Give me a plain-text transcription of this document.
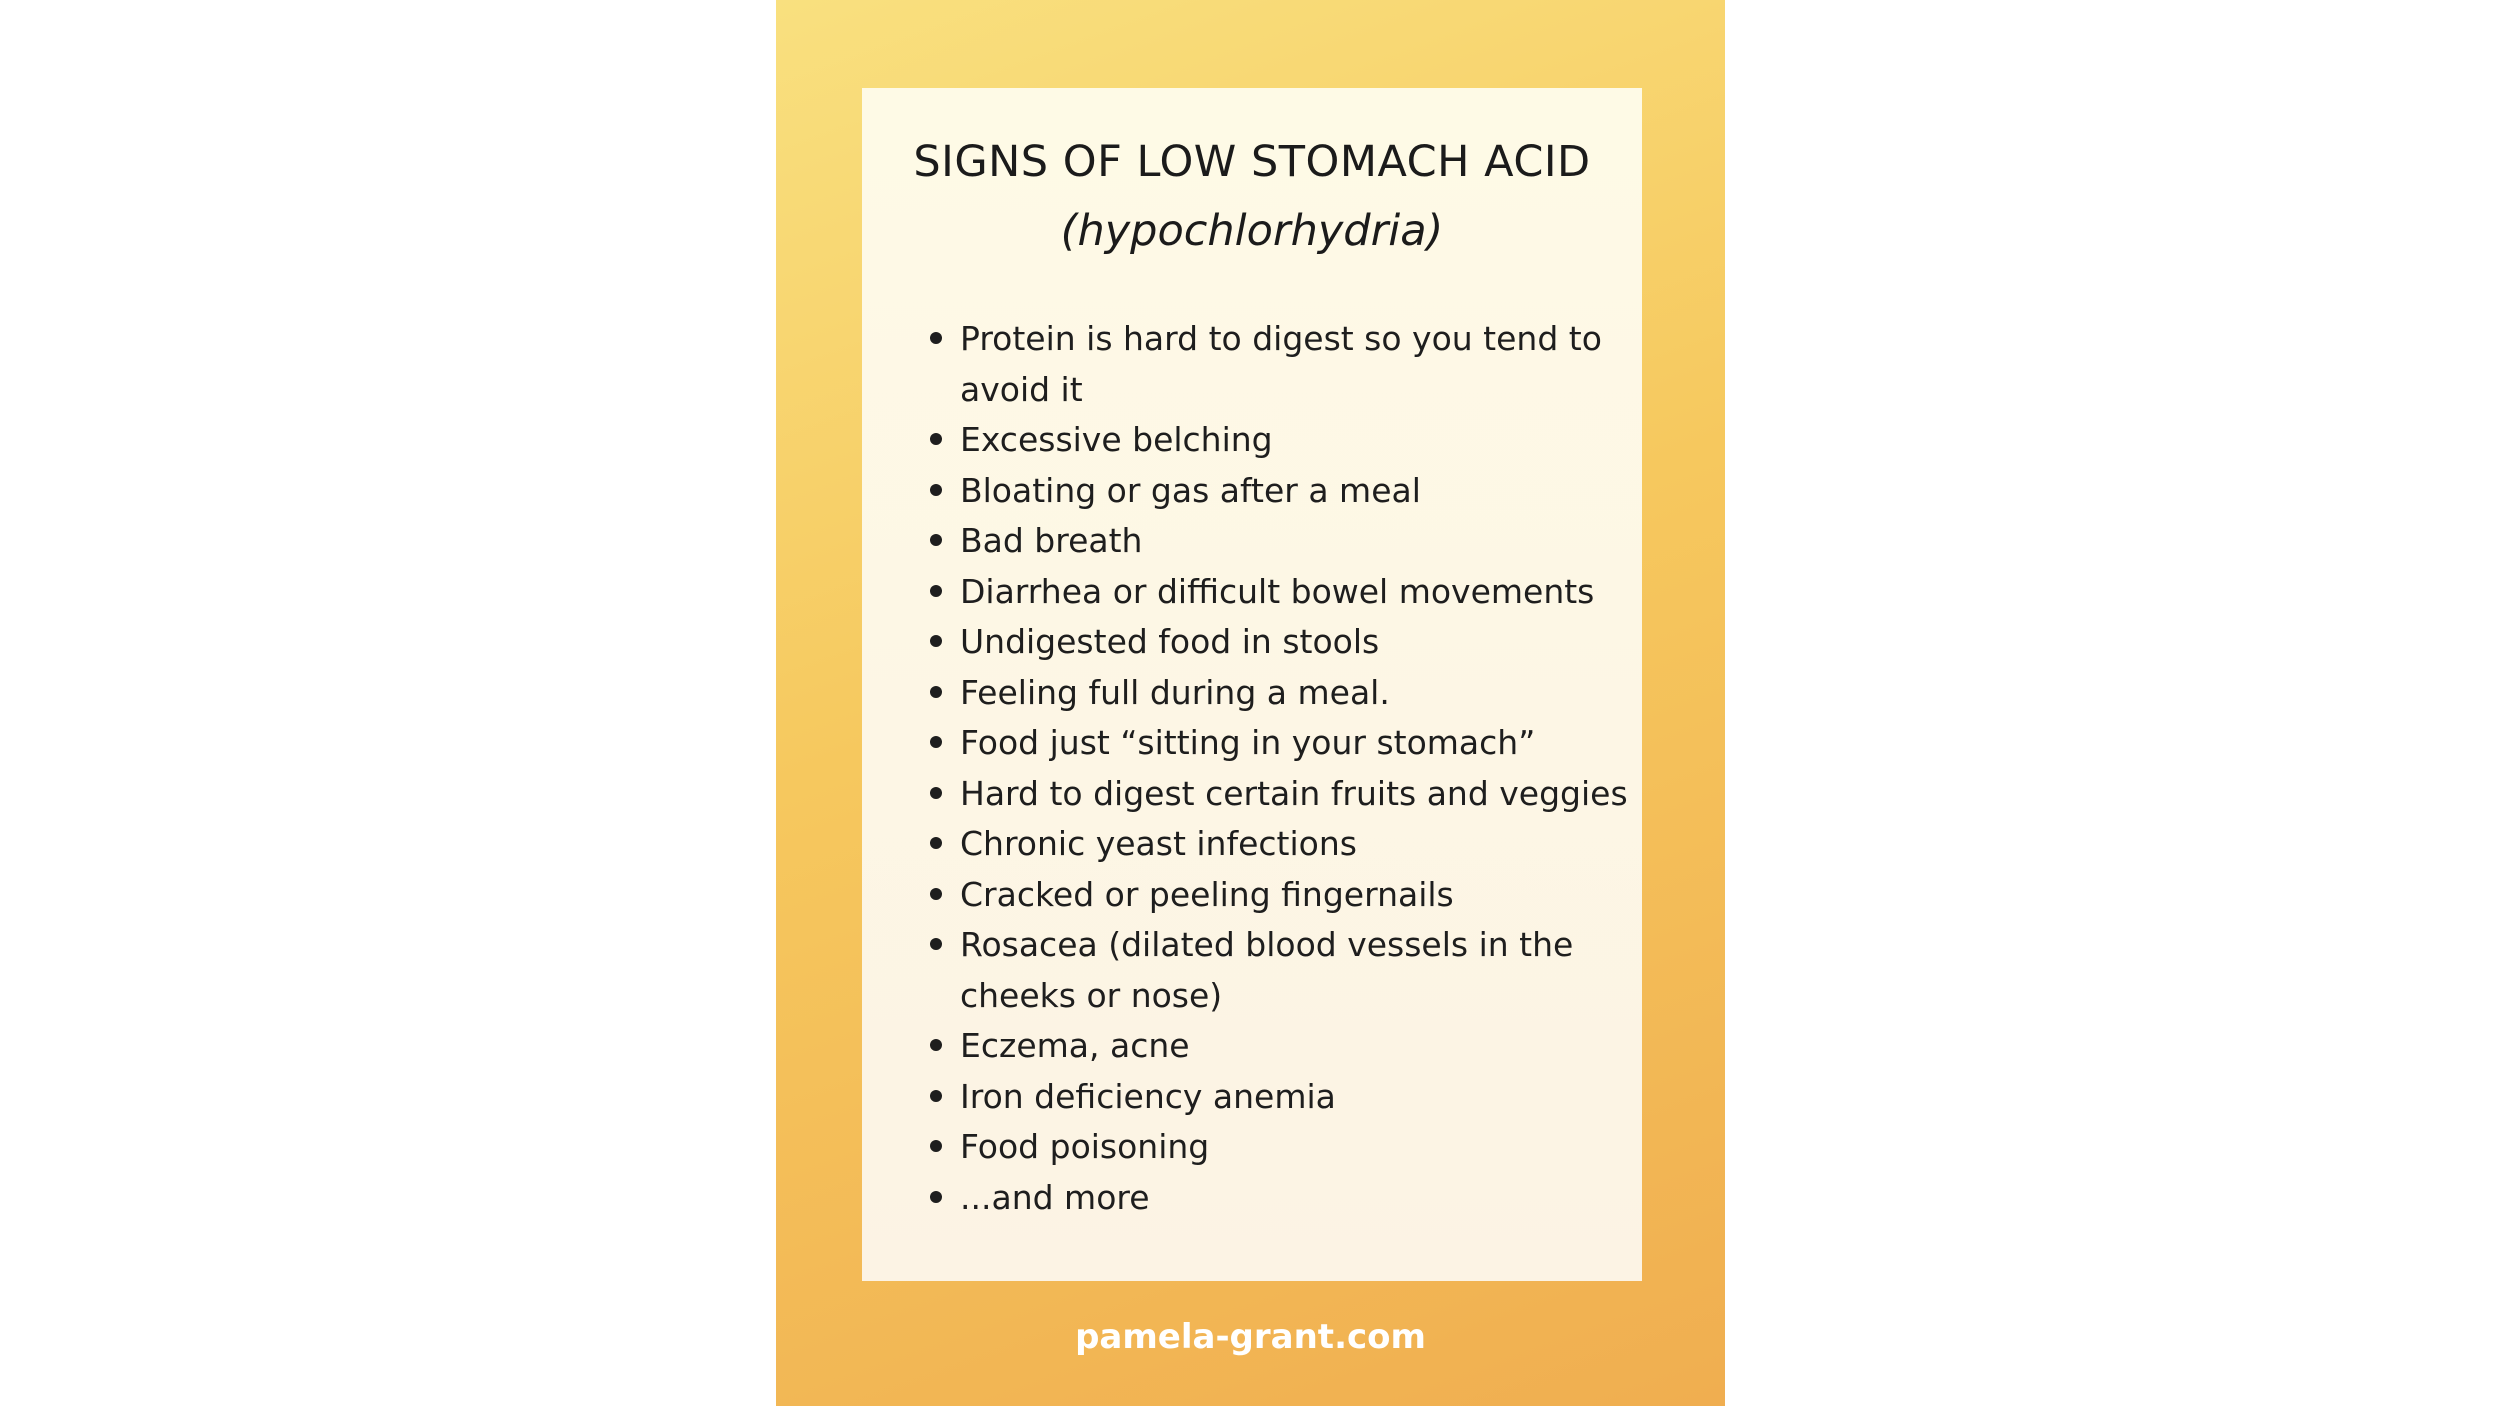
SIGNS OF LOW STOMACH ACID
(hypochlorhydria)
Protein is hard to digest so you tend to avoid it
Excessive belching
Bloating or gas after a meal
Bad breath
Diarrhea or difficult bowel movements
Undigested food in stools
Feeling full during a meal.
Food just “sitting in your stomach”
Hard to digest certain fruits and veggies
Chronic yeast infections
Cracked or peeling fingernails
Rosacea (dilated blood vessels in the cheeks or nose)
Eczema, acne
Iron deficiency anemia
Food poisoning
...and more
pamela-grant.com
